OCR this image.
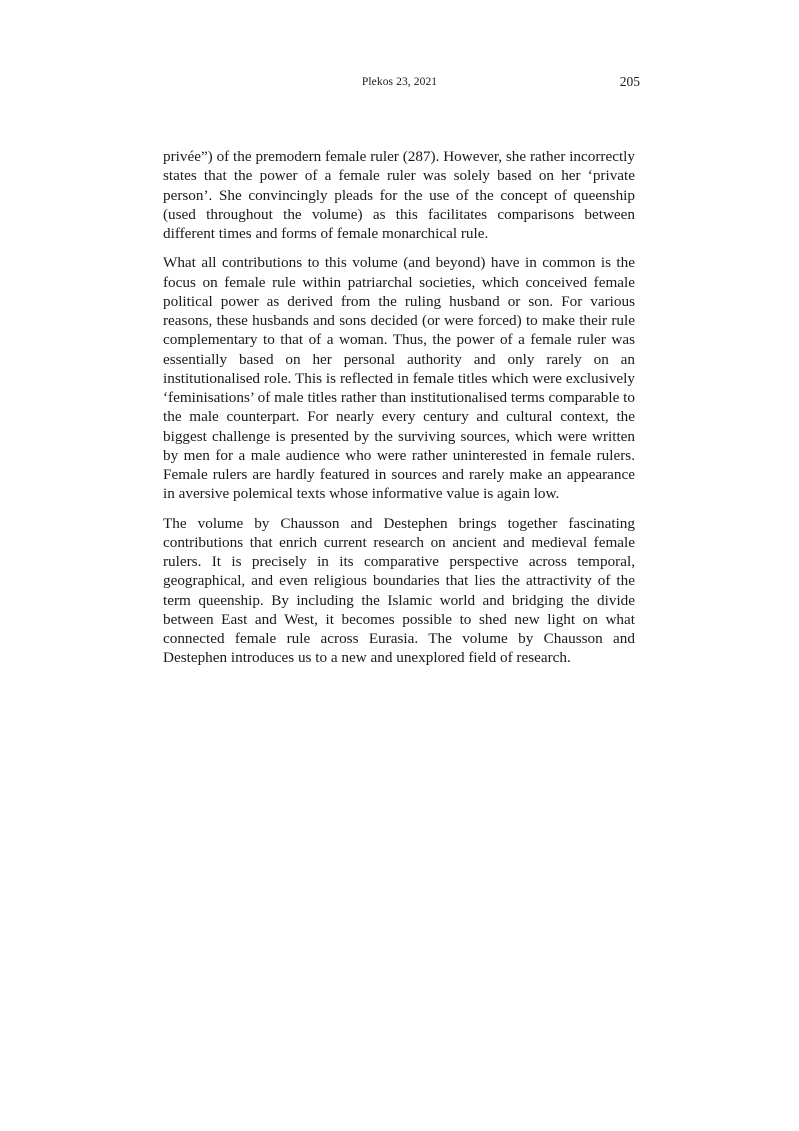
Plekos 23, 2021	205

privée”) of the premodern female ruler (287). However, she rather incorrectly states that the power of a female ruler was solely based on her ‘private person’. She convincingly pleads for the use of the concept of queenship (used throughout the volume) as this facilitates comparisons between different times and forms of female monarchical rule.

What all contributions to this volume (and beyond) have in common is the focus on female rule within patriarchal societies, which conceived female political power as derived from the ruling husband or son. For various reasons, these husbands and sons decided (or were forced) to make their rule complementary to that of a woman. Thus, the power of a female ruler was essentially based on her personal authority and only rarely on an institutionalised role. This is reflected in female titles which were exclusively ‘feminisations’ of male titles rather than institutionalised terms comparable to the male counterpart. For nearly every century and cultural context, the biggest challenge is presented by the surviving sources, which were written by men for a male audience who were rather uninterested in female rulers. Female rulers are hardly featured in sources and rarely make an appearance in aversive polemical texts whose informative value is again low.

The volume by Chausson and Destephen brings together fascinating contributions that enrich current research on ancient and medieval female rulers. It is precisely in its comparative perspective across temporal, geographical, and even religious boundaries that lies the attractivity of the term queenship. By including the Islamic world and bridging the divide between East and West, it becomes possible to shed new light on what connected female rule across Eurasia. The volume by Chausson and Destephen introduces us to a new and unexplored field of research.
